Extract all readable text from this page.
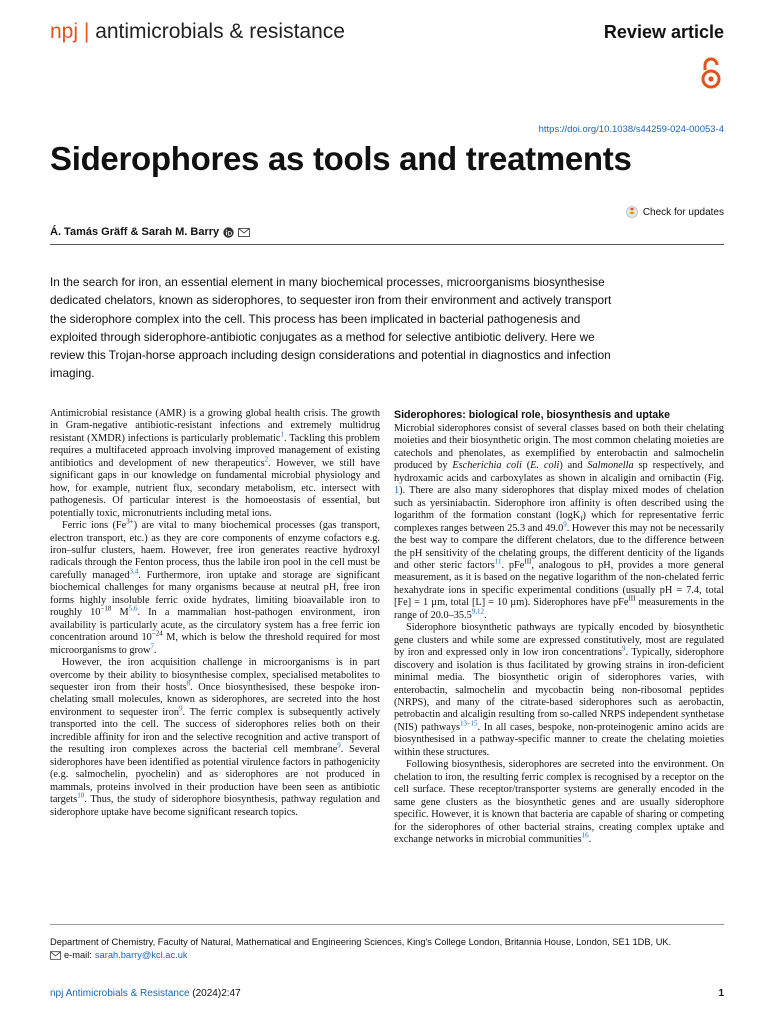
npj | antimicrobials & resistance	Review article
https://doi.org/10.1038/s44259-024-00053-4
Siderophores as tools and treatments
Check for updates
Á. Tamás Gräff & Sarah M. Barry

In the search for iron, an essential element in many biochemical processes, microorganisms biosynthesise dedicated chelators, known as siderophores, to sequester iron from their environment and actively transport the siderophore complex into the cell. This process has been implicated in bacterial pathogenesis and exploited through siderophore-antibiotic conjugates as a method for selective antibiotic delivery. Here we review this Trojan-horse approach including design considerations and potential in diagnostics and infection imaging.

Antimicrobial resistance (AMR) is a growing global health crisis. The growth in Gram-negative antibiotic-resistant infections and extremely multidrug resistant (XMDR) infections is particularly problematic$^1$. Tackling this problem requires a multifaceted approach involving improved management of existing antibiotics and development of new therapeutics$^2$. However, we still have significant gaps in our knowledge on fundamental microbial physiology and how, for example, nutrient flux, secondary metabolism, etc. intersect with pathogenesis. Of particular interest is the homoeostasis of essential, but potentially toxic, micronutrients including metal ions.

Ferric ions $(Fe^{3+})$ are vital to many biochemical processes (gas transport, electron transport, etc.) as they are core components of enzyme cofactors e.g. iron–sulfur clusters, haem. However, free iron generates reactive hydroxyl radicals through the Fenton process, thus the labile iron pool in the cell must be carefully managed$^{3,4}$. Furthermore, iron uptake and storage are significant biochemical challenges for many organisms because at neutral pH, free iron forms highly insoluble ferric oxide hydrates, limiting bioavailable iron to roughly $10^{-18}$ M$^{5,6}$. In a mammalian host-pathogen environment, iron availability is particularly acute, as the circulatory system has a free ferric ion concentration around $10^{-24}$ M, which is below the threshold required for most microorganisms to grow$^7$.

However, the iron acquisition challenge in microorganisms is in part overcome by their ability to biosynthesise complex, specialised metabolites to sequester iron from their hosts$^8$. Once biosynthesised, these bespoke iron-chelating small molecules, known as siderophores, are secreted into the host environment to sequester iron$^9$. The ferric complex is subsequently actively transported into the cell. The success of siderophores relies both on their incredible affinity for iron and the selective recognition and active transport of the resulting iron complexes across the bacterial cell membrane$^9$. Several siderophores have been identified as potential virulence factors in pathogenicity (e.g. salmochelin, pyochelin) and as siderophores are not produced in mammals, proteins involved in their production have been seen as antibiotic targets$^{10}$. Thus, the study of siderophore biosynthesis, pathway regulation and siderophore uptake have become significant research topics.

Siderophores: biological role, biosynthesis and uptake

Microbial siderophores consist of several classes based on both their chelating moieties and their biosynthetic origin. The most common chelating moieties are catechols and phenolates, as exemplified by enterobactin and salmochelin produced by Escherichia coli (E. coli) and Salmonella sp respectively, and hydroxamic acids and carboxylates as shown in alcaligin and ornibactin (Fig. 1). There are also many siderophores that display mixed modes of chelation such as yersiniabactin. Siderophore iron affinity is often described using the logarithm of the formation constant (logK$_f$) which for representative ferric complexes ranges between 25.3 and 49.0$^9$. However this may not be necessarily the best way to compare the different chelators, due to the difference between the pH sensitivity of the chelating groups, the different denticity of the ligands and other steric factors$^{11}$. pFe$^{III}$, analogous to pH, provides a more general measurement, as it is based on the negative logarithm of the non-chelated ferric hexahydrate ions in specific experimental conditions (usually pH = 7.4, total [Fe] = 1 µm, total [L] = 10 µm). Siderophores have pFe$^{III}$ measurements in the range of 20.0–35.5$^{9,12}$.

Siderophore biosynthetic pathways are typically encoded by biosynthetic gene clusters and while some are expressed constitutively, most are regulated by iron and expressed only in low iron concentrations$^9$. Typically, siderophore discovery and isolation is thus facilitated by growing strains in iron-deficient minimal media. The biosynthetic origin of siderophores varies, with enterobactin, salmochelin and mycobactin being non-ribosomal peptides (NRPS), and many of the citrate-based siderophores such as aerobactin, petrobactin and alcaligin resulting from so-called NRPS independent synthetase (NIS) pathways$^{13-15}$. In all cases, bespoke, non-proteinogenic amino acids are biosynthesised in a pathway-specific manner to create the chelating moieties within these structures.

Following biosynthesis, siderophores are secreted into the environment. On chelation to iron, the resulting ferric complex is recognised by a receptor on the cell surface. These receptor/transporter systems are generally encoded in the same gene clusters as the biosynthetic genes and are usually siderophore specific. However, it is known that bacteria are capable of sharing or competing for the siderophores of other bacterial strains, creating complex uptake and exchange networks in microbial communities$^{16}$.

Department of Chemistry, Faculty of Natural, Mathematical and Engineering Sciences, King's College London, Britannia House, London, SE1 1DB, UK.
e-mail: sarah.barry@kcl.ac.uk
npj Antimicrobials & Resistance (2024)2:47	1
